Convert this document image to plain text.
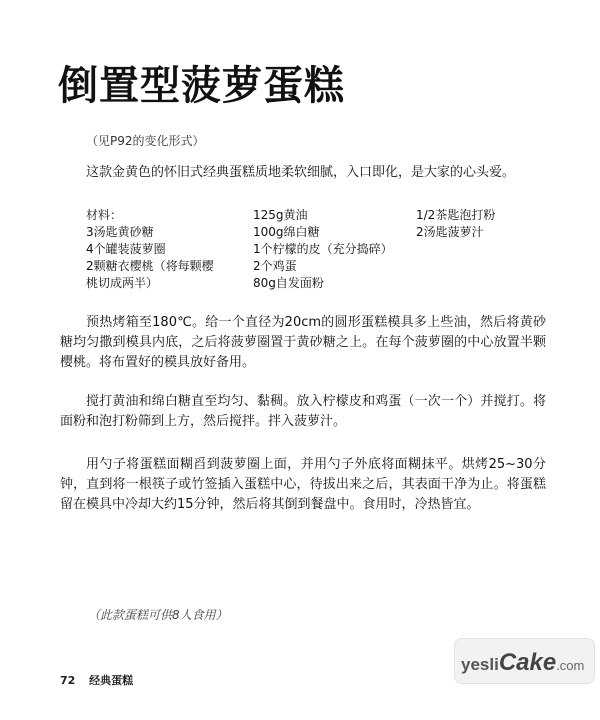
倒置型菠萝蛋糕
（见P92的变化形式）
这款金黄色的怀旧式经典蛋糕质地柔软细腻，入口即化，是大家的心头爱。
材料：
3汤匙黄砂糖
4个罐装菠萝圈
2颗糖衣樱桃（将每颗樱
桃切成两半）
125g黄油
100g绵白糖
1个柠檬的皮（充分捣碎）
2个鸡蛋
80g自发面粉
1/2茶匙泡打粉
2汤匙菠萝汁
预热烤箱至180℃。给一个直径为20cm的圆形蛋糕模具多上些油，然后将黄砂糖均匀撒到模具内底，之后将菠萝圈置于黄砂糖之上。在每个菠萝圈的中心放置半颗樱桃。将布置好的模具放好备用。
搅打黄油和绵白糖直至均匀、黏稠。放入柠檬皮和鸡蛋（一次一个）并搅打。将面粉和泡打粉筛到上方，然后搅拌。拌入菠萝汁。
用勺子将蛋糕面糊舀到菠萝圈上面，并用勺子外底将面糊抹平。烘烤25~30分钟，直到将一根筷子或竹签插入蛋糕中心，待拔出来之后，其表面干净为止。将蛋糕留在模具中冷却大约15分钟，然后将其倒到餐盘中。食用时，冷热皆宜。
（此款蛋糕可供8人食用）
72 经典蛋糕
yesliCake.com
